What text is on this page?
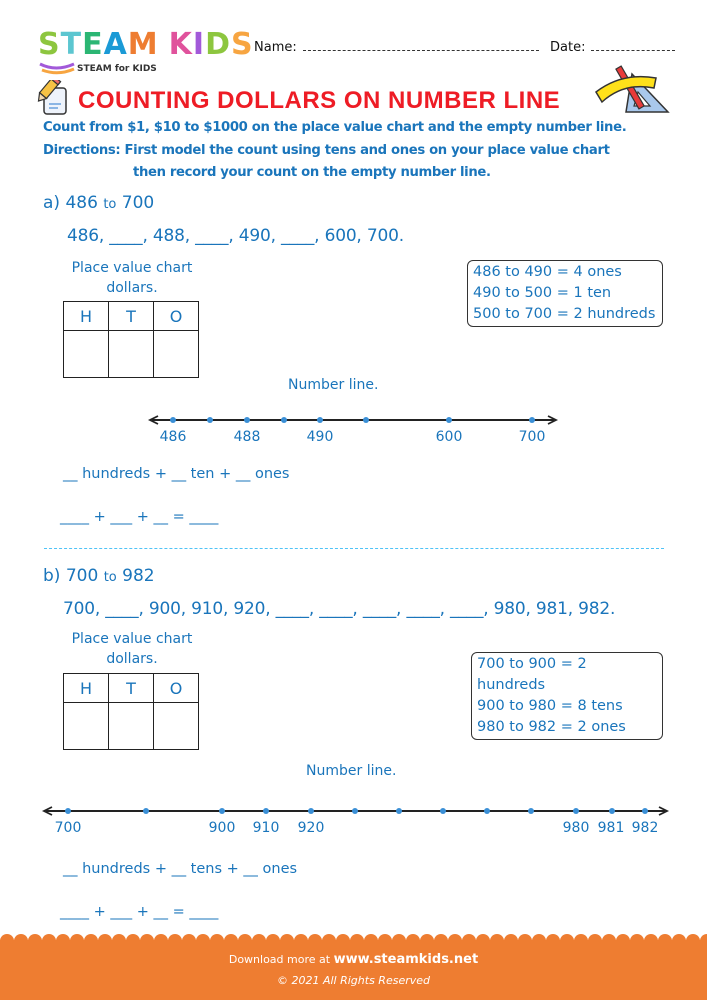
STEAM KIDS
STEAM for KIDS
Name:	Date:
COUNTING DOLLARS ON NUMBER LINE
Count from $1, $10 to $1000 on the place value chart and the empty number line.
Directions: First model the count using tens and ones on your place value chart
then record your count on the empty number line.
a) 486 to 700
486, ____, 488, ____, 490, ____, 600, 700.
Place value chart
dollars.
H	T	O

486 to 490 = 4 ones
490 to 500 = 1 ten
500 to 700 = 2 hundreds
Number line.
486	488	490	600	700
__ hundreds + __ ten + __ ones
____ + ___ + __ = ____
b) 700 to 982
700, ____, 900, 910, 920, ____, ____, ____, ____, ____, 980, 981, 982.
Place value chart
dollars.
H	T	O

700 to 900 = 2 hundreds
900 to 980 = 8 tens
980 to 982 = 2 ones
Number line.
700	900 910 920	980 981 982
__ hundreds + __ tens + __ ones
____ + ___ + __ = ____
Download more at www.steamkids.net
© 2021 All Rights Reserved
